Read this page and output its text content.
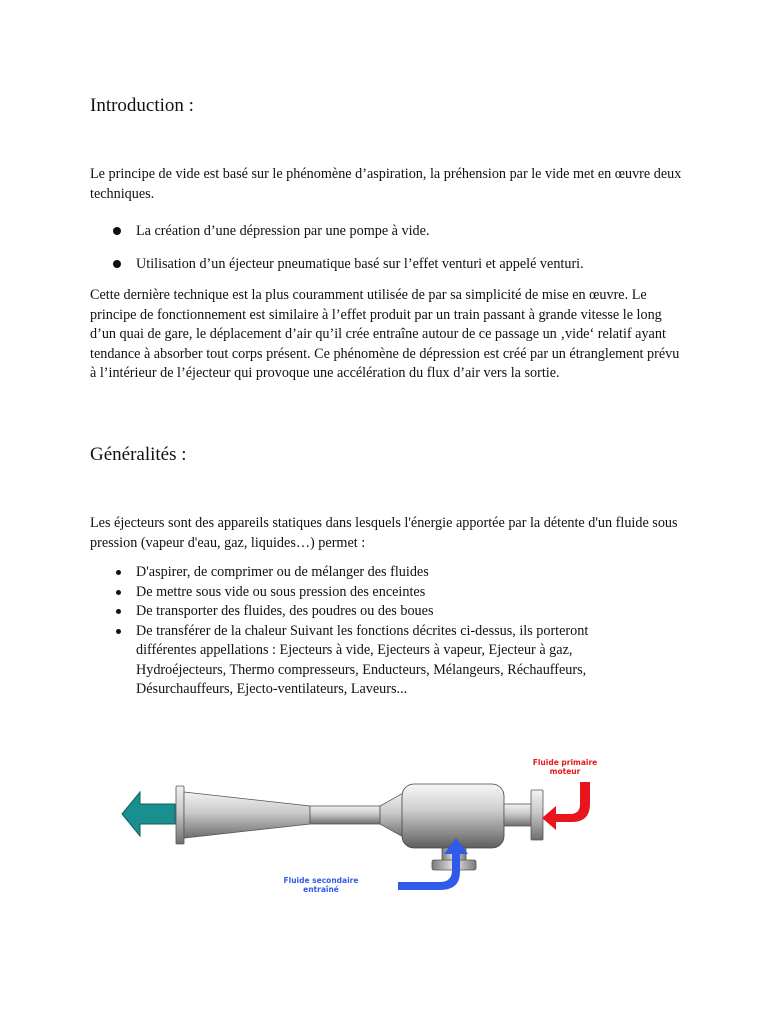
Introduction :

Le principe de vide est basé sur le phénomène d’aspiration, la préhension par le vide met en œuvre deux techniques.

La création d’une dépression par une pompe à vide.
Utilisation d’un éjecteur pneumatique basé sur l’effet venturi et appelé venturi.

Cette dernière technique est la plus couramment utilisée de par sa simplicité de mise en œuvre. Le principe de fonctionnement est similaire à l’effet produit par un train passant à grande vitesse le long d’un quai de gare, le déplacement d’air qu’il crée entraîne autour de ce passage un ‚vide‘ relatif ayant tendance à absorber tout corps présent. Ce phénomène de dépression est créé par un étranglement prévu à l’intérieur de l’éjecteur qui provoque une accélération du flux d’air vers la sortie.

Généralités :

Les éjecteurs sont des appareils statiques dans lesquels l'énergie apportée par la détente d'un fluide sous pression (vapeur d'eau, gaz, liquides…) permet :

D'aspirer, de comprimer ou de mélanger des fluides
De mettre sous vide ou sous pression des enceintes
De transporter des fluides, des poudres ou des boues
De transférer de la chaleur Suivant les fonctions décrites ci-dessus, ils porteront différentes appellations : Ejecteurs à vide, Ejecteurs à vapeur, Ejecteur à gaz, Hydroéjecteurs, Thermo compresseurs, Enducteurs, Mélangeurs, Réchauffeurs, Désurchauffeurs, Ejecto-ventilateurs, Laveurs...
Fluide primaire moteur
Fluide secondaire entraîné
